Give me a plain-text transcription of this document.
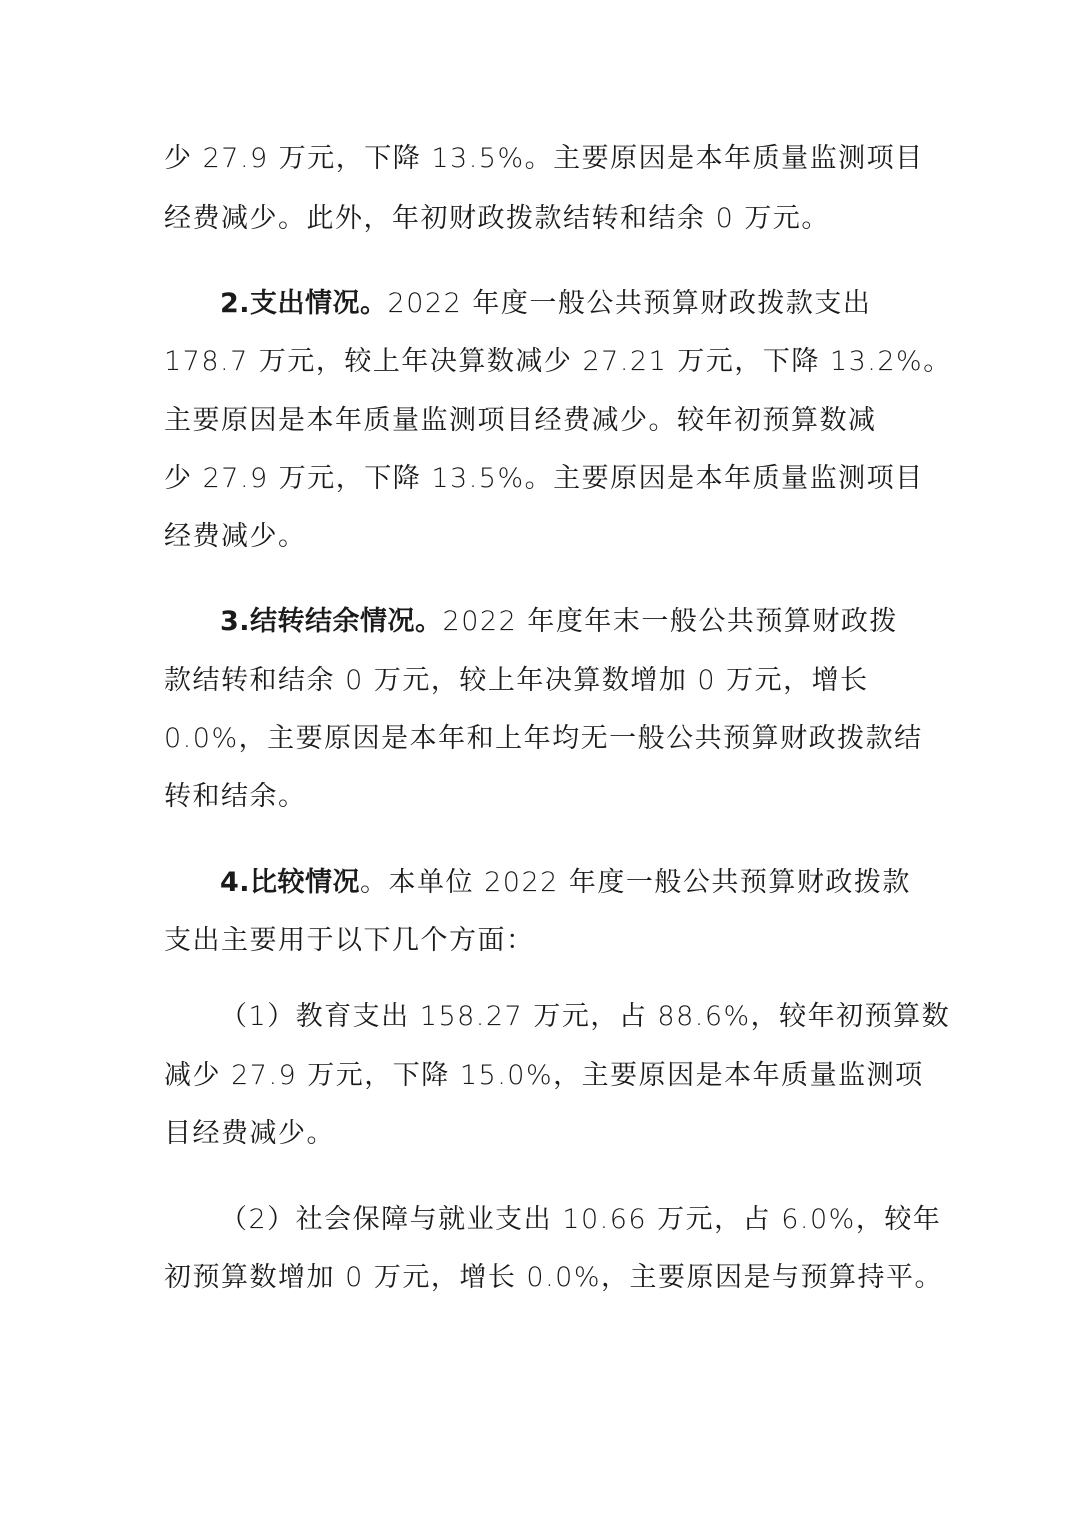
少 27.9 万元，下降 13.5%。主要原因是本年质量监测项目
经费减少。此外，年初财政拨款结转和结余 0 万元。
2.支出情况。2022 年度一般公共预算财政拨款支出
178.7 万元，较上年决算数减少 27.21 万元，下降 13.2%。
主要原因是本年质量监测项目经费减少。较年初预算数减
少 27.9 万元，下降 13.5%。主要原因是本年质量监测项目
经费减少。
3.结转结余情况。2022 年度年末一般公共预算财政拨
款结转和结余 0 万元，较上年决算数增加 0 万元，增长
0.0%，主要原因是本年和上年均无一般公共预算财政拨款结
转和结余。
4.比较情况。本单位 2022 年度一般公共预算财政拨款
支出主要用于以下几个方面：
（1）教育支出 158.27 万元，占 88.6%，较年初预算数
减少 27.9 万元，下降 15.0%，主要原因是本年质量监测项
目经费减少。
（2）社会保障与就业支出 10.66 万元，占 6.0%，较年
初预算数增加 0 万元，增长 0.0%，主要原因是与预算持平。
